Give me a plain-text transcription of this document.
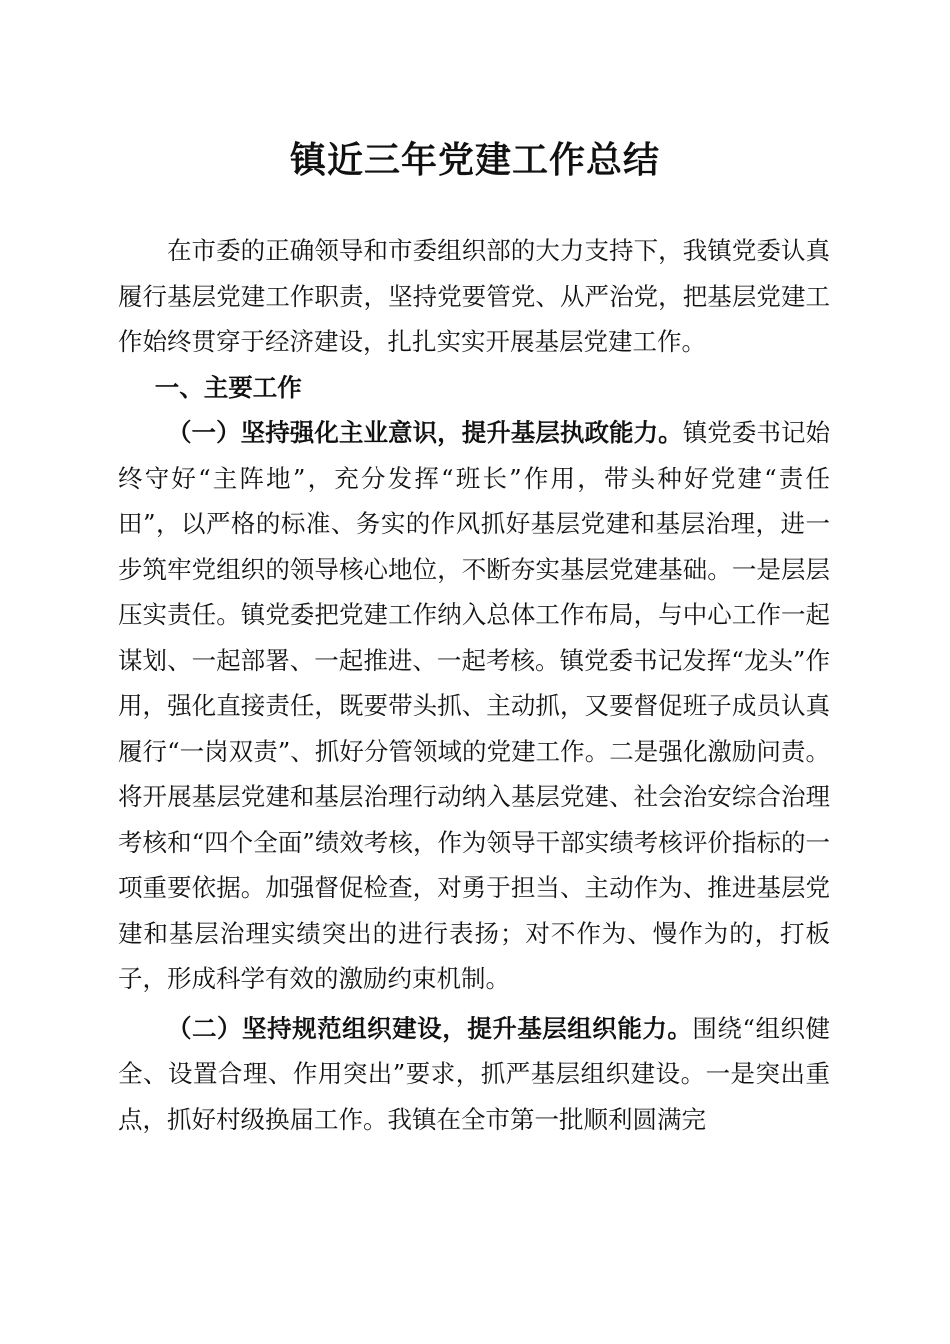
镇近三年党建工作总结

在市委的正确领导和市委组织部的大力支持下，我镇党委认真履行基层党建工作职责，坚持党要管党、从严治党，把基层党建工作始终贯穿于经济建设，扎扎实实开展基层党建工作。

一、主要工作

（一）坚持强化主业意识，提升基层执政能力。镇党委书记始终守好“主阵地”，充分发挥“班长”作用，带头种好党建“责任田”，以严格的标准、务实的作风抓好基层党建和基层治理，进一步筑牢党组织的领导核心地位，不断夯实基层党建基础。一是层层压实责任。镇党委把党建工作纳入总体工作布局，与中心工作一起谋划、一起部署、一起推进、一起考核。镇党委书记发挥“龙头”作用，强化直接责任，既要带头抓、主动抓，又要督促班子成员认真履行“一岗双责”、抓好分管领域的党建工作。二是强化激励问责。将开展基层党建和基层治理行动纳入基层党建、社会治安综合治理考核和“四个全面”绩效考核，作为领导干部实绩考核评价指标的一项重要依据。加强督促检查，对勇于担当、主动作为、推进基层党建和基层治理实绩突出的进行表扬；对不作为、慢作为的，打板子，形成科学有效的激励约束机制。

（二）坚持规范组织建设，提升基层组织能力。围绕“组织健全、设置合理、作用突出”要求，抓严基层组织建设。一是突出重点，抓好村级换届工作。我镇在全市第一批顺利圆满完
